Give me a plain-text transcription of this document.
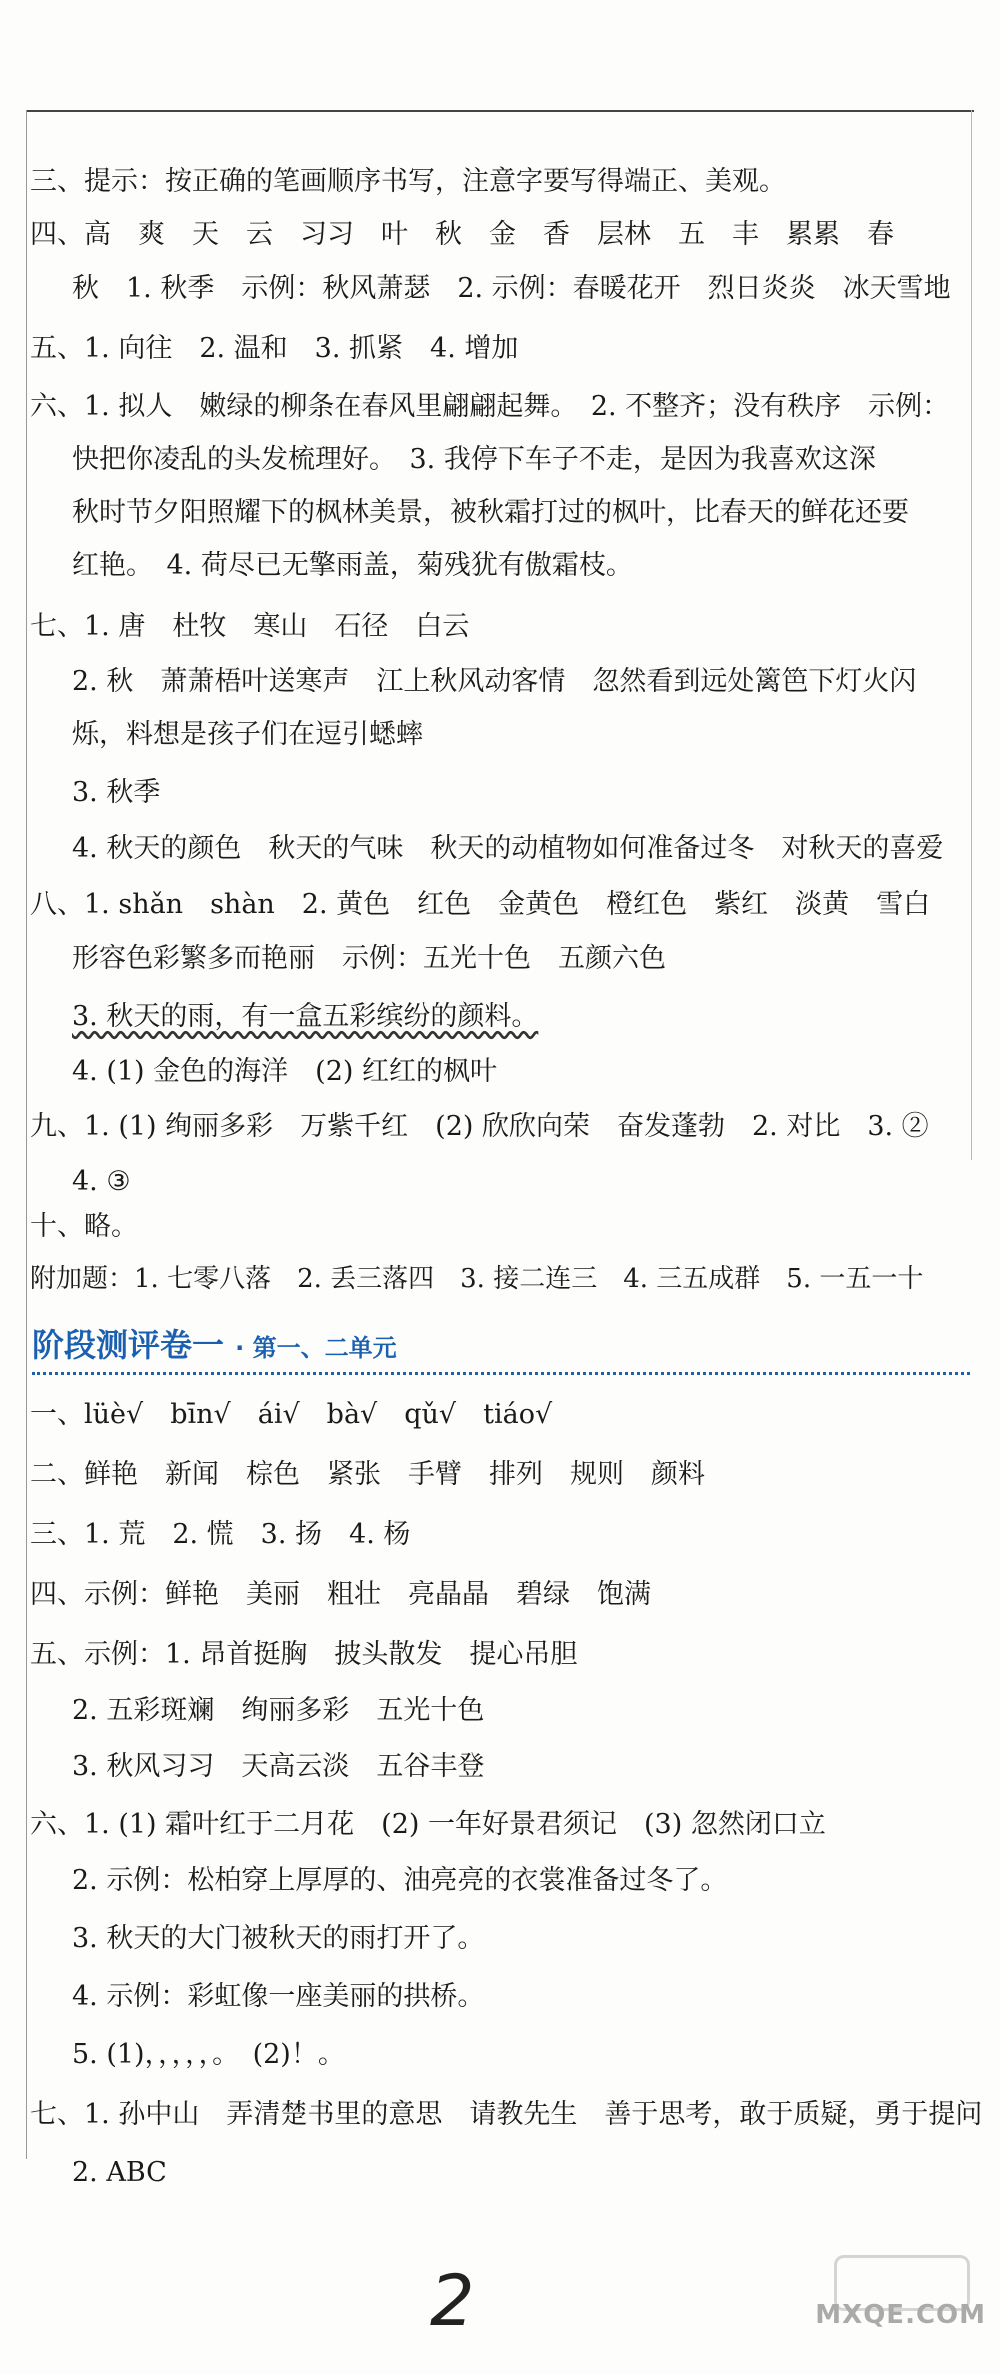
三、提示：按正确的笔画顺序书写，注意字要写得端正、美观。
四、高　爽　天　云　习习　叶　秋　金　香　层林　五　丰　累累　春
秋　1. 秋季　示例：秋风萧瑟　2. 示例：春暖花开　烈日炎炎　冰天雪地
五、1. 向往　2. 温和　3. 抓紧　4. 增加
六、1. 拟人　嫩绿的柳条在春风里翩翩起舞。　2. 不整齐；没有秩序　示例：
快把你凌乱的头发梳理好。　3. 我停下车子不走，是因为我喜欢这深
秋时节夕阳照耀下的枫林美景，被秋霜打过的枫叶，比春天的鲜花还要
红艳。　4. 荷尽已无擎雨盖，菊残犹有傲霜枝。
七、1. 唐　杜牧　寒山　石径　白云
2. 秋　萧萧梧叶送寒声　江上秋风动客情　忽然看到远处篱笆下灯火闪
烁，料想是孩子们在逗引蟋蟀
3. 秋季
4. 秋天的颜色　秋天的气味　秋天的动植物如何准备过冬　对秋天的喜爱
八、1. shǎn　shàn　2. 黄色　红色　金黄色　橙红色　紫红　淡黄　雪白
形容色彩繁多而艳丽　示例：五光十色　五颜六色
3. 秋天的雨，有一盒五彩缤纷的颜料。
4. (1) 金色的海洋　(2) 红红的枫叶
九、1. (1) 绚丽多彩　万紫千红　(2) 欣欣向荣　奋发蓬勃　2. 对比　3. ②
4. ③
十、略。
附加题：1. 七零八落　2. 丢三落四　3. 接二连三　4. 三五成群　5. 一五一十
阶段测评卷一 · 第一、二单元
一、lüè√　bīn√　ái√　bà√　qǔ√　tiáo√
二、鲜艳　新闻　棕色　紧张　手臂　排列　规则　颜料
三、1. 荒　2. 慌　3. 扬　4. 杨
四、示例：鲜艳　美丽　粗壮　亮晶晶　碧绿　饱满
五、示例：1. 昂首挺胸　披头散发　提心吊胆
2. 五彩斑斓　绚丽多彩　五光十色
3. 秋风习习　天高云淡　五谷丰登
六、1. (1) 霜叶红于二月花　(2) 一年好景君须记　(3) 忽然闭口立
2. 示例：松柏穿上厚厚的、油亮亮的衣裳准备过冬了。
3. 秋天的大门被秋天的雨打开了。
4. 示例：彩虹像一座美丽的拱桥。
5. (1)，，，，，。　(2)！。
七、1. 孙中山　弄清楚书里的意思　请教先生　善于思考，敢于质疑，勇于提问
2. ABC
2	MXQE.COM
